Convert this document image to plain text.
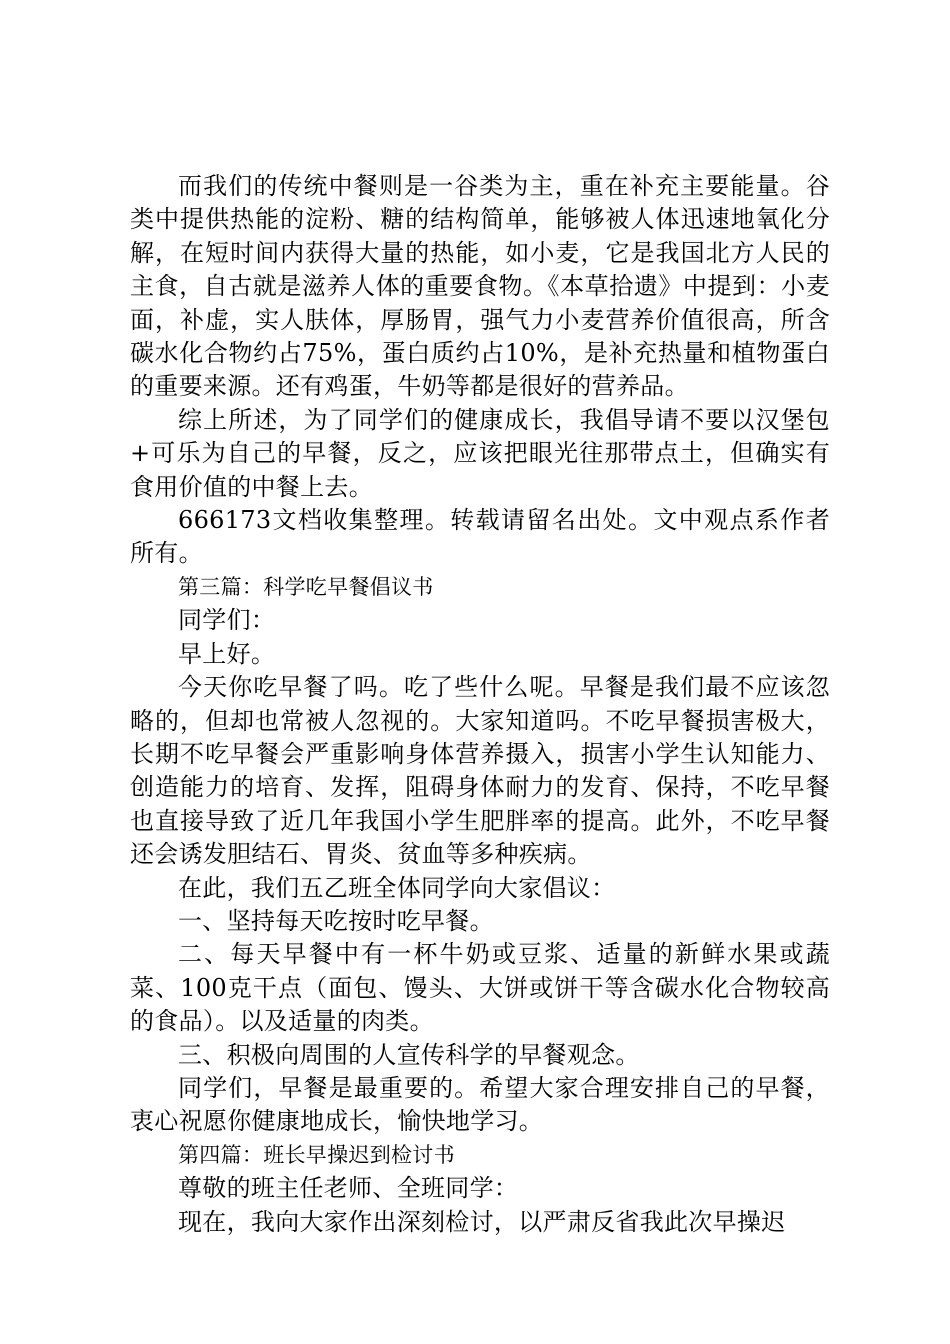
而我们的传统中餐则是一谷类为主，重在补充主要能量。谷类中提供热能的淀粉、糖的结构简单，能够被人体迅速地氧化分解，在短时间内获得大量的热能，如小麦，它是我国北方人民的主食，自古就是滋养人体的重要食物。《本草拾遗》中提到：小麦面，补虚，实人肤体，厚肠胃，强气力小麦营养价值很高，所含碳水化合物约占75%，蛋白质约占10%，是补充热量和植物蛋白的重要来源。还有鸡蛋，牛奶等都是很好的营养品。

综上所述，为了同学们的健康成长，我倡导请不要以汉堡包+可乐为自己的早餐，反之，应该把眼光往那带点土，但确实有食用价值的中餐上去。

666173文档收集整理。转载请留名出处。文中观点系作者所有。

第三篇：科学吃早餐倡议书

同学们：

早上好。

今天你吃早餐了吗。吃了些什么呢。早餐是我们最不应该忽略的，但却也常被人忽视的。大家知道吗。不吃早餐损害极大，长期不吃早餐会严重影响身体营养摄入，损害小学生认知能力、创造能力的培育、发挥，阻碍身体耐力的发育、保持，不吃早餐也直接导致了近几年我国小学生肥胖率的提高。此外，不吃早餐还会诱发胆结石、胃炎、贫血等多种疾病。

在此，我们五乙班全体同学向大家倡议：

一、坚持每天吃按时吃早餐。

二、每天早餐中有一杯牛奶或豆浆、适量的新鲜水果或蔬菜、100克干点（面包、馒头、大饼或饼干等含碳水化合物较高的食品）。以及适量的肉类。

三、积极向周围的人宣传科学的早餐观念。

同学们，早餐是最重要的。希望大家合理安排自己的早餐，衷心祝愿你健康地成长，愉快地学习。

第四篇：班长早操迟到检讨书

尊敬的班主任老师、全班同学：

现在，我向大家作出深刻检讨，以严肃反省我此次早操迟
